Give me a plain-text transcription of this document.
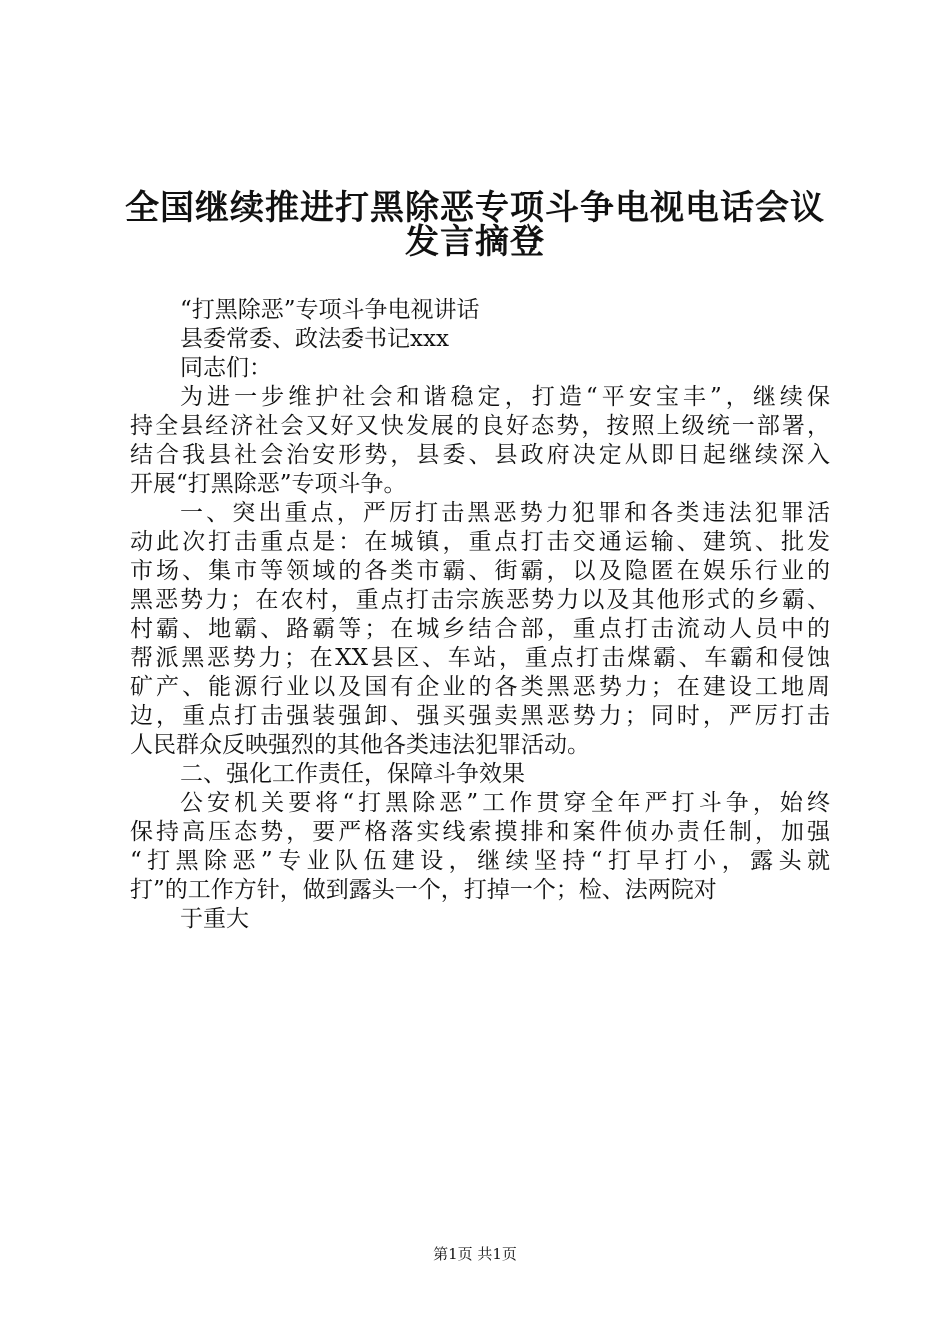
全国继续推进打黑除恶专项斗争电视电话会议
发言摘登
“打黑除恶”专项斗争电视讲话
县委常委、政法委书记xxx
同志们：
为进一步维护社会和谐稳定，打造“平安宝丰”，继续保
持全县经济社会又好又快发展的良好态势，按照上级统一部署，
结合我县社会治安形势，县委、县政府决定从即日起继续深入
开展“打黑除恶”专项斗争。
一、突出重点，严厉打击黑恶势力犯罪和各类违法犯罪活
动此次打击重点是：在城镇，重点打击交通运输、建筑、批发
市场、集市等领域的各类市霸、街霸，以及隐匿在娱乐行业的
黑恶势力；在农村，重点打击宗族恶势力以及其他形式的乡霸、
村霸、地霸、路霸等；在城乡结合部，重点打击流动人员中的
帮派黑恶势力；在XX县区、车站，重点打击煤霸、车霸和侵蚀
矿产、能源行业以及国有企业的各类黑恶势力；在建设工地周
边，重点打击强装强卸、强买强卖黑恶势力；同时，严厉打击
人民群众反映强烈的其他各类违法犯罪活动。
二、强化工作责任，保障斗争效果
公安机关要将“打黑除恶”工作贯穿全年严打斗争，始终
保持高压态势，要严格落实线索摸排和案件侦办责任制，加强
“打黑除恶”专业队伍建设，继续坚持“打早打小，露头就
打”的工作方针，做到露头一个，打掉一个；检、法两院对
于重大
第1页 共1页
